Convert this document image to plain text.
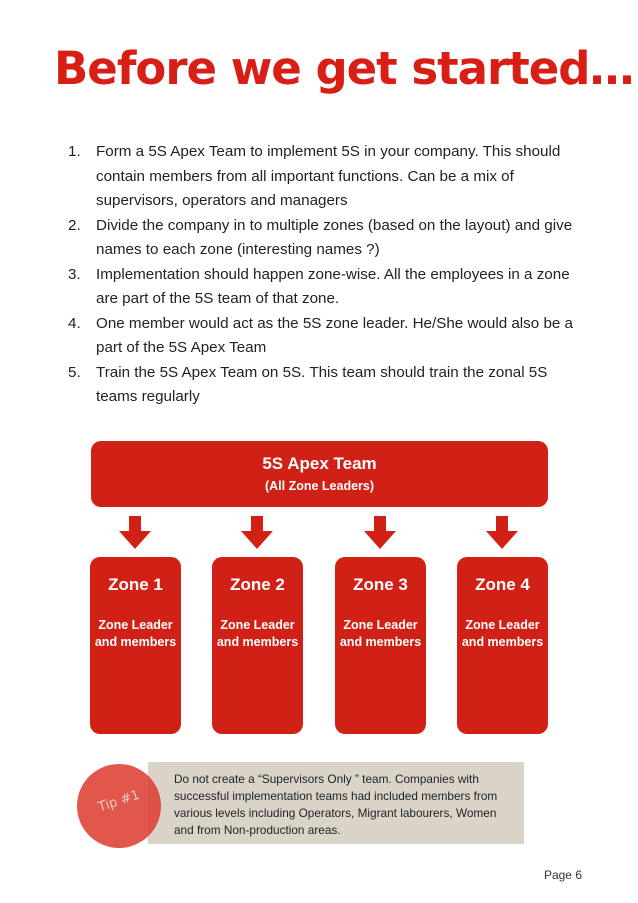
Before we get started…
1. Form a 5S Apex Team to implement 5S in your company. This should contain members from all important functions. Can be a mix of supervisors, operators and managers
2. Divide the company in to multiple zones (based on the layout) and give names to each zone (interesting names ?)
3. Implementation should happen zone-wise. All the employees in a zone are part of the 5S team of that zone.
4. One member would act as the 5S zone leader. He/She would also be a part of the 5S Apex Team
5. Train the 5S Apex Team on 5S. This team should train the zonal 5S teams regularly
5S Apex Team
(All Zone Leaders)
Zone 1
Zone Leader and members
Zone 2
Zone Leader and members
Zone 3
Zone Leader and members
Zone 4
Zone Leader and members
Do not create a “Supervisors Only ” team. Companies with successful implementation teams had included members from various levels including Operators, Migrant labourers, Women and from Non-production areas.
Tip #1
Page 6
